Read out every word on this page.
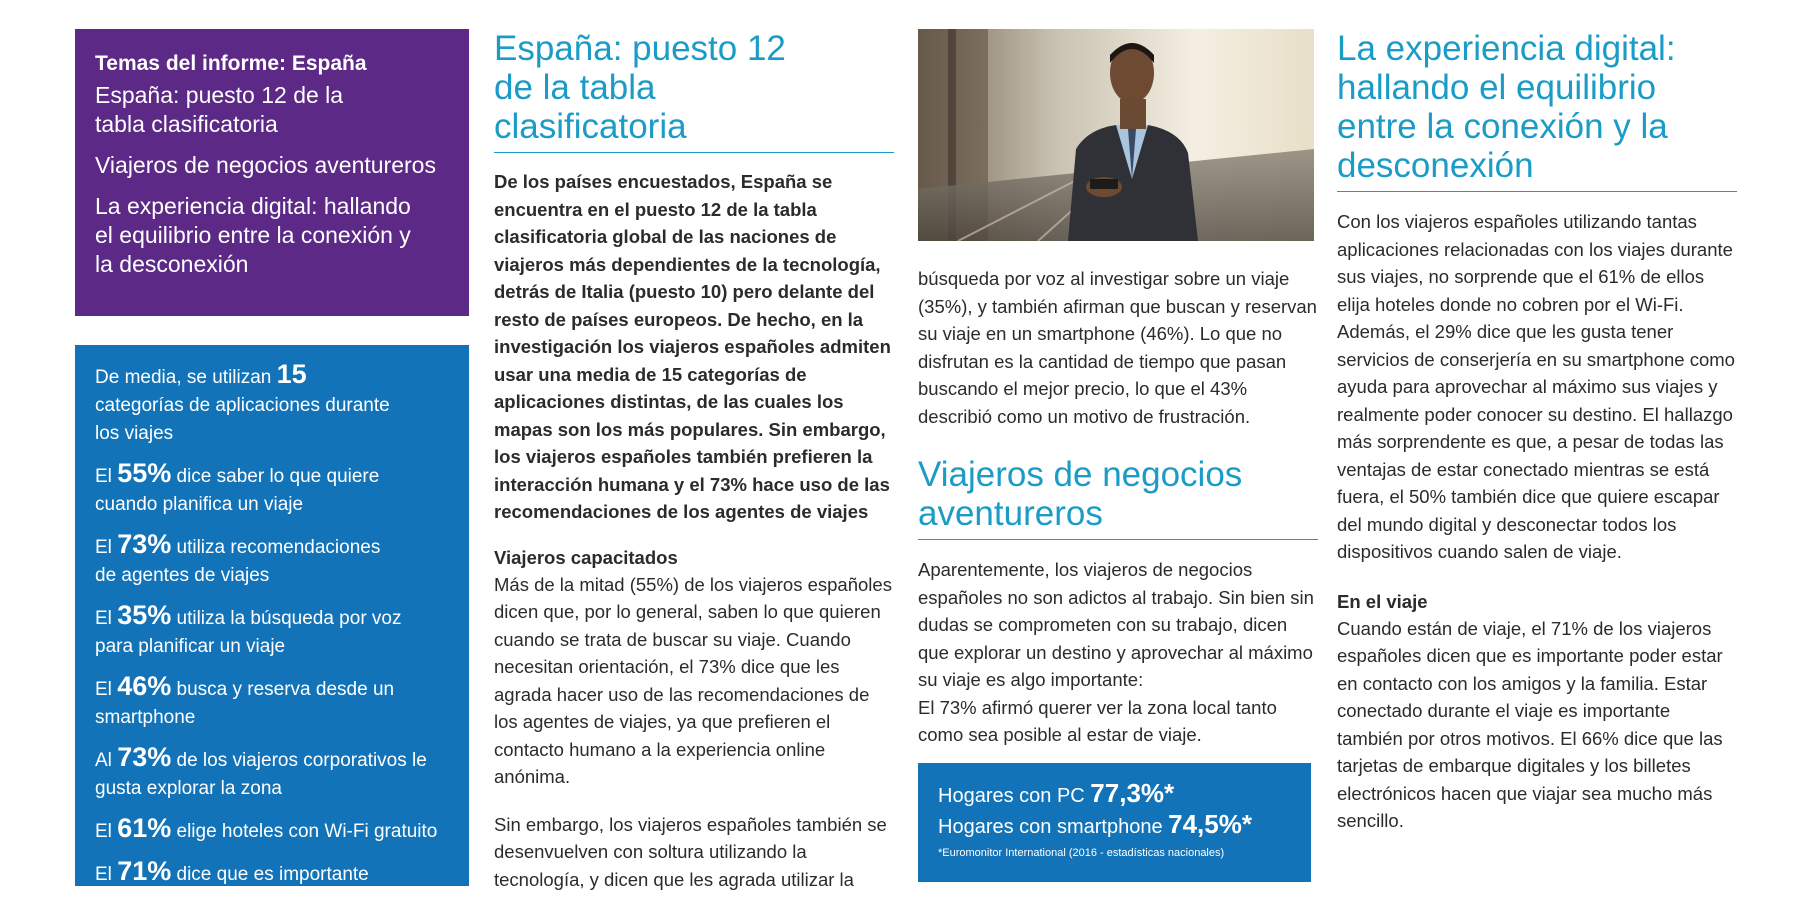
Temas del informe: España
España: puesto 12 de la tabla clasificatoria
Viajeros de negocios aventureros
La experiencia digital: hallando el equilibrio entre la conexión y la desconexión
De media, se utilizan 15 categorías de aplicaciones durante los viajes
El 55% dice saber lo que quiere cuando planifica un viaje
El 73% utiliza recomendaciones de agentes de viajes
El 35% utiliza la búsqueda por voz para planificar un viaje
El 46% busca y reserva desde un smartphone
Al 73% de los viajeros corporativos le gusta explorar la zona
El 61% elige hoteles con Wi-Fi gratuito
El 71% dice que es importante permanecer en contacto al viajar
España: puesto 12 de la tabla clasificatoria
De los países encuestados, España se encuentra en el puesto 12 de la tabla clasificatoria global de las naciones de viajeros más dependientes de la tecnología, detrás de Italia (puesto 10) pero delante del resto de países europeos. De hecho, en la investigación los viajeros españoles admiten usar una media de 15 categorías de aplicaciones distintas, de las cuales los mapas son los más populares. Sin embargo, los viajeros españoles también prefieren la interacción humana y el 73% hace uso de las recomendaciones de los agentes de viajes
Viajeros capacitados
Más de la mitad (55%) de los viajeros españoles dicen que, por lo general, saben lo que quieren cuando se trata de buscar su viaje. Cuando necesitan orientación, el 73% dice que les agrada hacer uso de las recomendaciones de los agentes de viajes, ya que prefieren el contacto humano a la experiencia online anónima.
Sin embargo, los viajeros españoles también se desenvuelven con soltura utilizando la tecnología, y dicen que les agrada utilizar la
búsqueda por voz al investigar sobre un viaje (35%), y también afirman que buscan y reservan su viaje en un smartphone (46%). Lo que no disfrutan es la cantidad de tiempo que pasan buscando el mejor precio, lo que el 43% describió como un motivo de frustración.
Viajeros de negocios aventureros
Aparentemente, los viajeros de negocios españoles no son adictos al trabajo. Sin bien sin dudas se comprometen con su trabajo, dicen que explorar un destino y aprovechar al máximo su viaje es algo importante:
El 73% afirmó querer ver la zona local tanto como sea posible al estar de viaje.
Hogares con PC 77,3%*
Hogares con smartphone 74,5%*
*Euromonitor International (2016 - estadísticas nacionales)
La experiencia digital: hallando el equilibrio entre la conexión y la desconexión
Con los viajeros españoles utilizando tantas aplicaciones relacionadas con los viajes durante sus viajes, no sorprende que el 61% de ellos elija hoteles donde no cobren por el Wi-Fi. Además, el 29% dice que les gusta tener servicios de conserjería en su smartphone como ayuda para aprovechar al máximo sus viajes y realmente poder conocer su destino. El hallazgo más sorprendente es que, a pesar de todas las ventajas de estar conectado mientras se está fuera, el 50% también dice que quiere escapar del mundo digital y desconectar todos los dispositivos cuando salen de viaje.
En el viaje
Cuando están de viaje, el 71% de los viajeros españoles dicen que es importante poder estar en contacto con los amigos y la familia. Estar conectado durante el viaje es importante también por otros motivos. El 66% dice que las tarjetas de embarque digitales y los billetes electrónicos hacen que viajar sea mucho más sencillo.
